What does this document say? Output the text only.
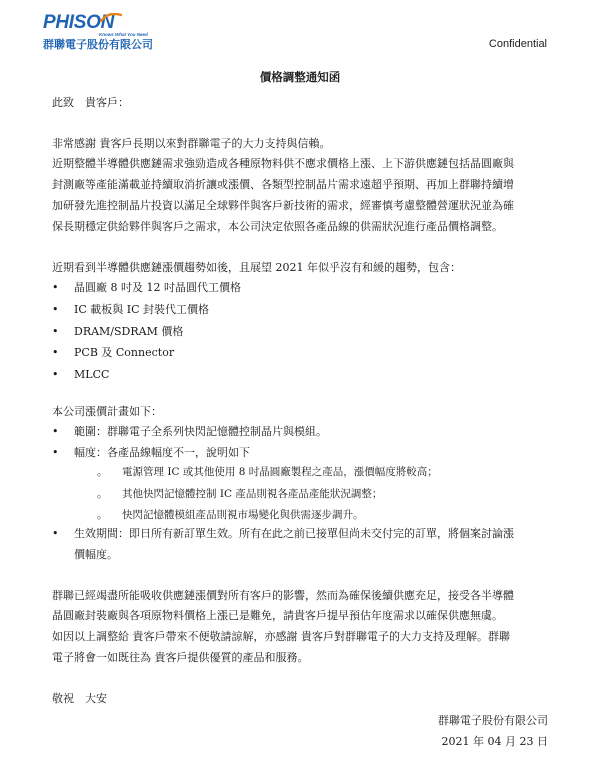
PHISON
Knows What You Need
群聯電子股份有限公司	Confidential
價格調整通知函
此致　貴客戶：
非常感謝 貴客戶長期以來對群聯電子的大力支持與信賴。
近期整體半導體供應鏈需求強勁造成各種原物料供不應求價格上漲、上下游供應鏈包括晶圓廠與
封測廠等產能滿載並持續取消折讓或漲價、各類型控制晶片需求遠超乎預期、再加上群聯持續增
加研發先進控制晶片投資以滿足全球夥伴與客戶新技術的需求，經審慎考慮整體營運狀況並為確
保長期穩定供給夥伴與客戶之需求，本公司決定依照各產品線的供需狀況進行產品價格調整。
近期看到半導體供應鏈漲價趨勢如後，且展望 2021 年似乎沒有和緩的趨勢，包含：
• 晶圓廠 8 吋及 12 吋晶圓代工價格
• IC 載板與 IC 封裝代工價格
• DRAM/SDRAM 價格
• PCB 及 Connector
• MLCC
本公司漲價計畫如下：
• 範圍：群聯電子全系列快閃記憶體控制晶片與模組。
• 幅度：各產品線幅度不一，說明如下
。 電源管理 IC 或其他使用 8 吋晶圓廠製程之產品，漲價幅度將較高；
。 其他快閃記憶體控制 IC 產品則視各產品產能狀況調整；
。 快閃記憶體模組產品則視市場變化與供需逐步調升。
• 生效期間：即日所有新訂單生效。所有在此之前已接單但尚未交付完的訂單，將個案討論漲
價幅度。
群聯已經竭盡所能吸收供應鏈漲價對所有客戶的影響，然而為確保後續供應充足，接受各半導體
晶圓廠封裝廠與各項原物料價格上漲已是難免，請貴客戶提早預估年度需求以確保供應無虞。
如因以上調整給 貴客戶帶來不便敬請諒解，亦感謝 貴客戶對群聯電子的大力支持及理解。群聯
電子將會一如既往為 貴客戶提供優質的產品和服務。
敬祝　大安
群聯電子股份有限公司
2021 年 04 月 23 日
